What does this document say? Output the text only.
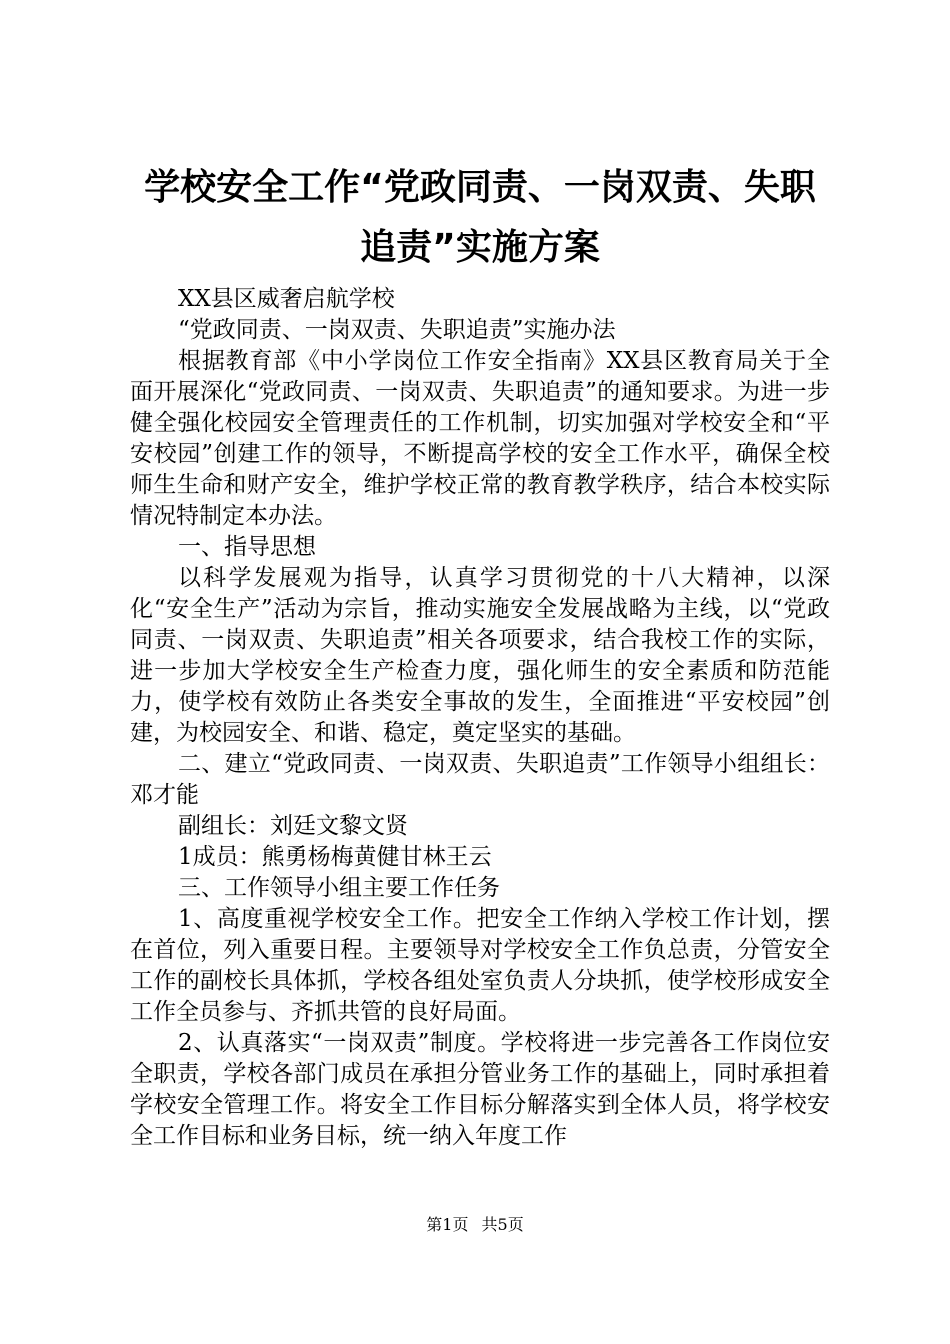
学校安全工作“党政同责、一岗双责、失职追责”实施方案

XX县区威奢启航学校

“党政同责、一岗双责、失职追责”实施办法

根据教育部《中小学岗位工作安全指南》XX县区教育局关于全面开展深化“党政同责、一岗双责、失职追责”的通知要求。为进一步健全强化校园安全管理责任的工作机制，切实加强对学校安全和“平安校园”创建工作的领导，不断提高学校的安全工作水平，确保全校师生生命和财产安全，维护学校正常的教育教学秩序，结合本校实际情况特制定本办法。

一、指导思想

以科学发展观为指导，认真学习贯彻党的十八大精神，以深化“安全生产”活动为宗旨，推动实施安全发展战略为主线，以“党政同责、一岗双责、失职追责”相关各项要求，结合我校工作的实际，进一步加大学校安全生产检查力度，强化师生的安全素质和防范能力，使学校有效防止各类安全事故的发生，全面推进“平安校园”创建，为校园安全、和谐、稳定，奠定坚实的基础。

二、建立“党政同责、一岗双责、失职追责”工作领导小组组长：邓才能

副组长：刘廷文黎文贤

1成员：熊勇杨梅黄健甘林王云

三、工作领导小组主要工作任务

1、高度重视学校安全工作。把安全工作纳入学校工作计划，摆在首位，列入重要日程。主要领导对学校安全工作负总责，分管安全工作的副校长具体抓，学校各组处室负责人分块抓，使学校形成安全工作全员参与、齐抓共管的良好局面。

2、认真落实“一岗双责”制度。学校将进一步完善各工作岗位安全职责，学校各部门成员在承担分管业务工作的基础上，同时承担着学校安全管理工作。将安全工作目标分解落实到全体人员，将学校安全工作目标和业务目标，统一纳入年度工作

第1页 共5页
